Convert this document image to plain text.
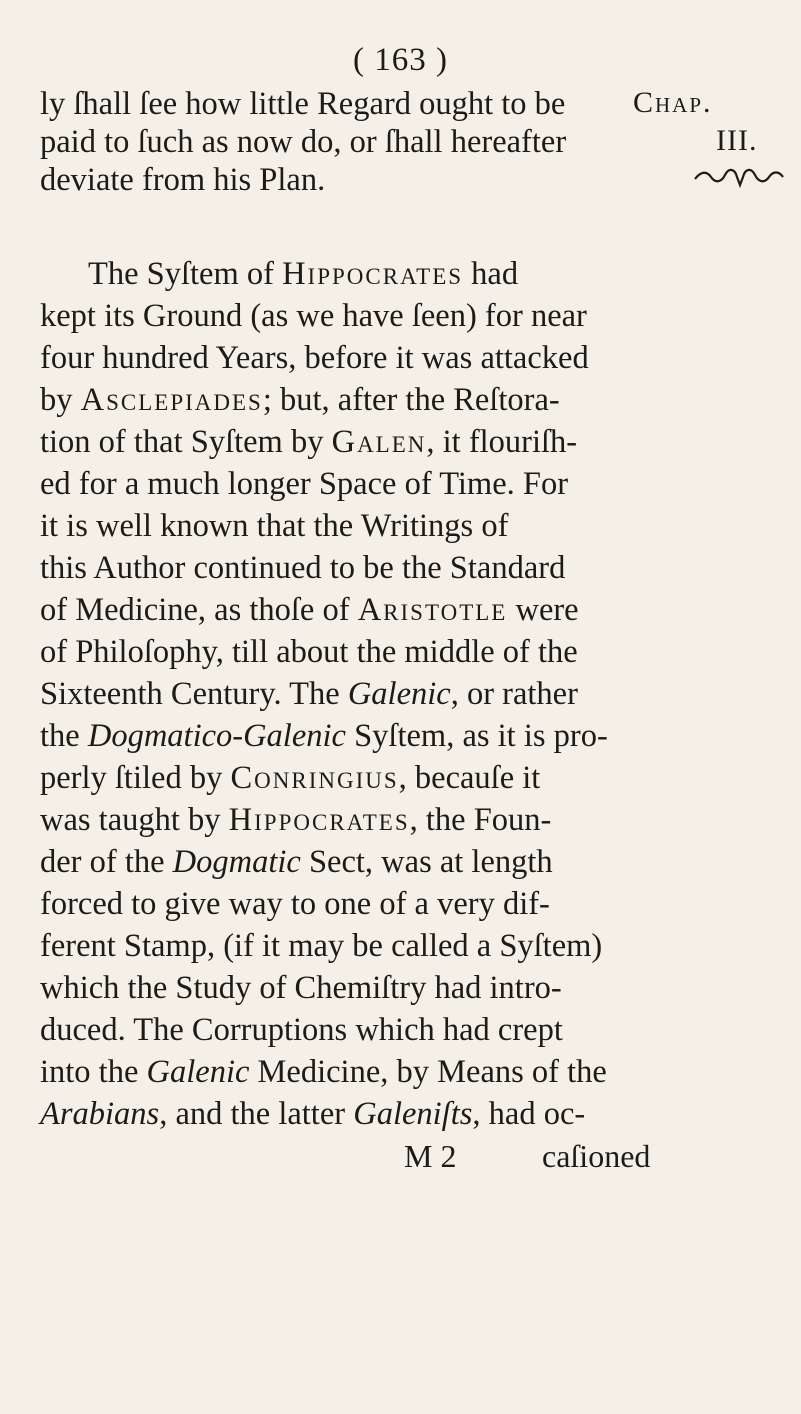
( 163 )
Chap.
III.
ly ſhall ſee how little Regard ought to be
paid to ſuch as now do, or ſhall hereafter
deviate from his Plan.
The Syſtem of Hippocrates had
kept its Ground (as we have ſeen) for near
four hundred Years, before it was attacked
by Asclepiades; but, after the Reſtora-
tion of that Syſtem by Galen, it flouriſh-
ed for a much longer Space of Time. For
it is well known that the Writings of
this Author continued to be the Standard
of Medicine, as thoſe of Aristotle were
of Philoſophy, till about the middle of the
Sixteenth Century. The Galenic, or rather
the Dogmatico-Galenic Syſtem, as it is pro-
perly ſtiled by Conringius, becauſe it
was taught by Hippocrates, the Foun-
der of the Dogmatic Sect, was at length
forced to give way to one of a very dif-
ferent Stamp, (if it may be called a Syſtem)
which the Study of Chemiſtry had intro-
duced. The Corruptions which had crept
into the Galenic Medicine, by Means of the
Arabians, and the latter Galeniſts, had oc-
M 2	caſioned
